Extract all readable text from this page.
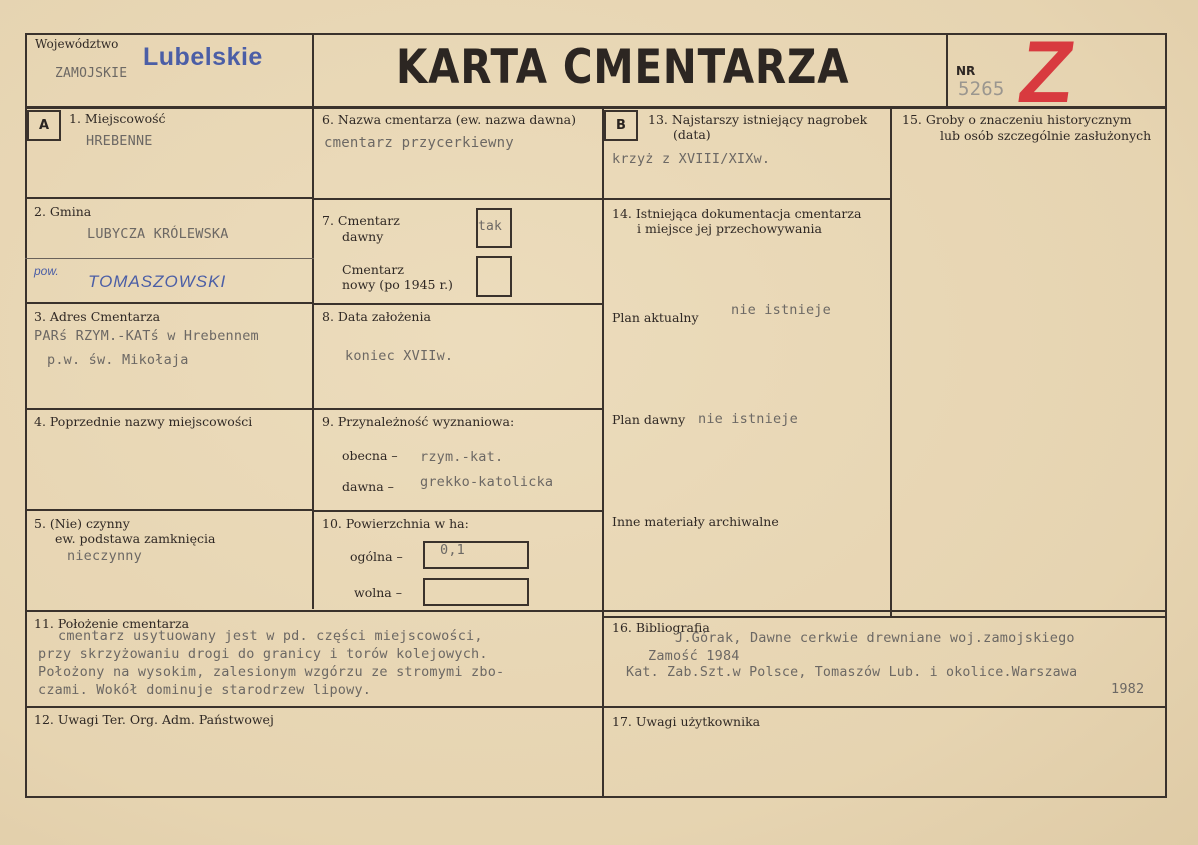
Województwo Lubelskie
ZAMOJSKIE	KARTA CMENTARZA	NR
5265 Z
A	B
1. Miejscowość
HREBENNE
2. Gmina
LUBYCZA KRÓLEWSKA
pow.
TOMASZOWSKI
3. Adres Cmentarza
PARś RZYM.-KATś w Hrebennem
p.w. św. Mikołaja
4. Poprzednie nazwy miejscowości
5. (Nie) czynny
ew. podstawa zamknięcia
nieczynny
6. Nazwa cmentarza (ew. nazwa dawna)
cmentarz przycerkiewny
7. Cmentarz
dawny
tak
Cmentarz
nowy (po 1945 r.)
8. Data założenia
koniec XVIIw.
9. Przynależność wyznaniowa:
obecna – rzym.-kat.
dawna – grekko-katolicka
10. Powierzchnia w ha:
ogólna –	0,1
wolna –
13. Najstarszy istniejący nagrobek
(data)
krzyż z XVIII/XIXw.
14. Istniejąca dokumentacja cmentarza
i miejsce jej przechowywania
Plan aktualny nie istnieje
Plan dawny nie istnieje
Inne materiały archiwalne
15. Groby o znaczeniu historycznym
lub osób szczególnie zasłużonych
11. Położenie cmentarza
cmentarz usytuowany jest w pd. części miejscowości,
przy skrzyżowaniu drogi do granicy i torów kolejowych.
Położony na wysokim, zalesionym wzgórzu ze stromymi zbo-
czami. Wokół dominuje starodrzew lipowy.
12. Uwagi Ter. Org. Adm. Państwowej
16. Bibliografia
J.Górak, Dawne cerkwie drewniane woj.zamojskiego
Zamość 1984
Kat. Zab.Szt.w Polsce, Tomaszów Lub. i okolice.Warszawa
1982
17. Uwagi użytkownika
